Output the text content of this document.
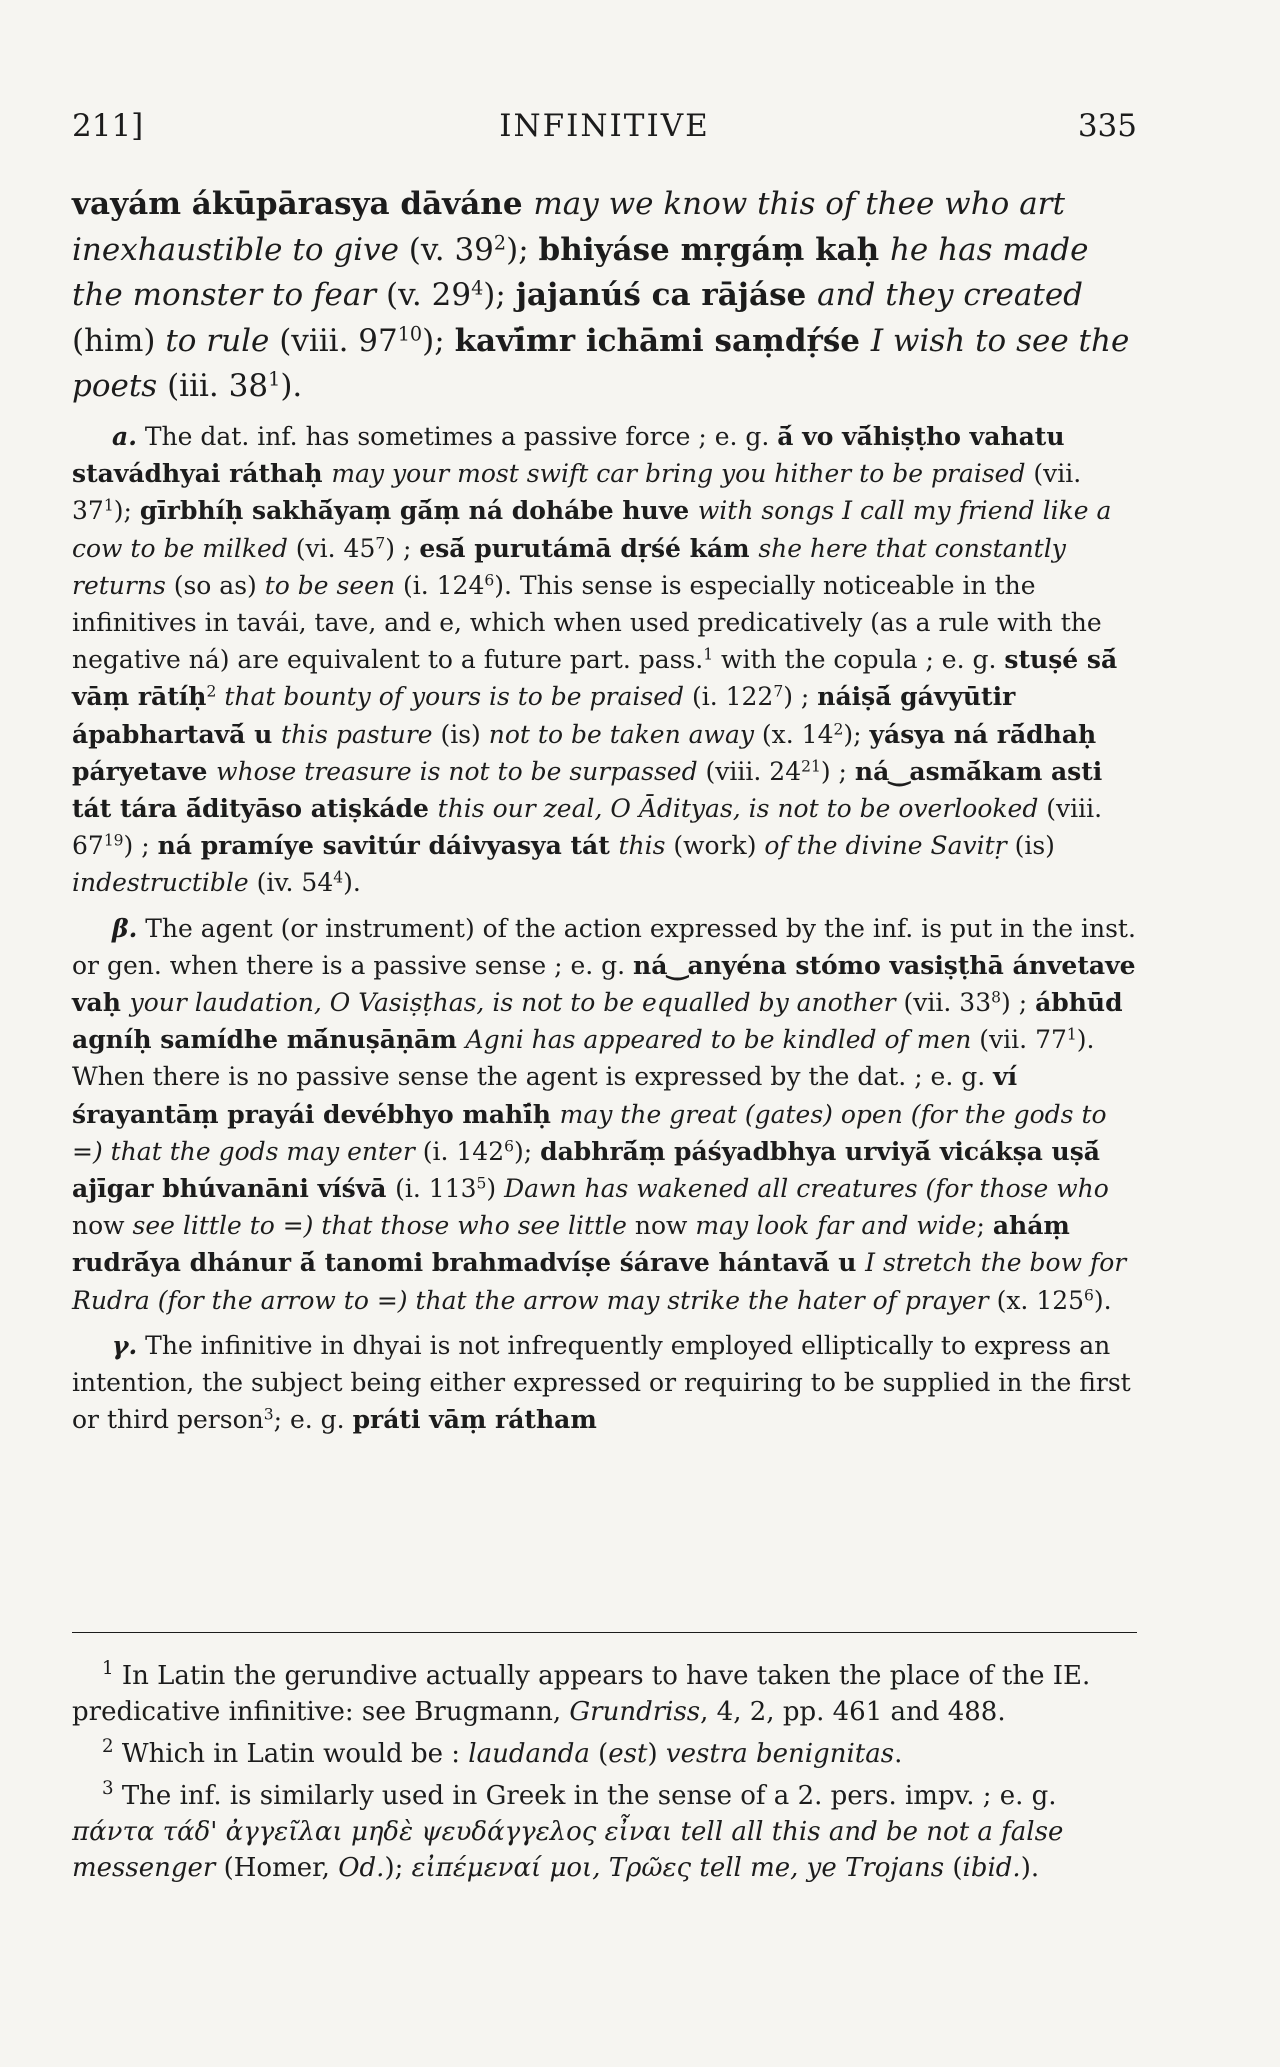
211]	INFINITIVE	335

vayám ákūpārasya dāváne may we know this of thee who art inexhaustible to give (v. $39^2$); bhiyáse mṛgáṃ kaḥ he has made the monster to fear (v. $29^4$); jajanúś ca rājáse and they created (him) to rule (viii. $97^{10}$); kavī́mr ichāmi saṃdṛ́śe I wish to see the poets (iii. $38^1$).

a. The dat. inf. has sometimes a passive force ; e. g. ā́ vo vā́hiṣṭho vahatu stavádhyai ráthaḥ may your most swift car bring you hither to be praised (vii. $37^1$); gīrbhíḥ sakhā́yaṃ gā́ṃ ná dohábe huve with songs I call my friend like a cow to be milked (vi. $45^7$) ; esā́ purutámā dṛśé kám she here that constantly returns (so as) to be seen (i. $124^6$). This sense is especially noticeable in the infinitives in tavái, tave, and e, which when used predicatively (as a rule with the negative ná) are equivalent to a future part. pass.$^1$ with the copula ; e. g. stuṣé sā́ vāṃ rātíḥ$^2$ that bounty of yours is to be praised (i. $122^7$) ; náiṣā́ gávyūtir ápabhartavā́ u this pasture (is) not to be taken away (x. $14^2$); yásya ná rā́dhaḥ páryetave whose treasure is not to be surpassed (viii. $24^{21}$) ; ná‿asmā́kam asti tát tára ā́dityāso atiṣkáde this our zeal, O Ādityas, is not to be overlooked (viii. $67^{19}$) ; ná pramíye savitúr dáivyasya tát this (work) of the divine Savitṛ (is) indestructible (iv. $54^4$).

β. The agent (or instrument) of the action expressed by the inf. is put in the inst. or gen. when there is a passive sense ; e. g. ná‿anyéna stómo vasiṣṭhā ánvetave vaḥ your laudation, O Vasiṣṭhas, is not to be equalled by another (vii. $33^8$) ; ábhūd agníḥ samídhe mā́nuṣāṇām Agni has appeared to be kindled of men (vii. $77^1$). When there is no passive sense the agent is expressed by the dat. ; e. g. ví śrayantāṃ prayái devébhyo mahī́ḥ may the great (gates) open (for the gods to =) that the gods may enter (i. $142^6$); dabhrā́ṃ páśyadbhya urviyā́ vicákṣa uṣā́ ajīgar bhúvanāni víśvā (i. $113^5$) Dawn has wakened all creatures (for those who now see little to =) that those who see little now may look far and wide; aháṃ rudrā́ya dhánur ā́ tanomi brahmadvíṣe śárave hántavā́ u I stretch the bow for Rudra (for the arrow to =) that the arrow may strike the hater of prayer (x. $125^6$).

γ. The infinitive in dhyai is not infrequently employed elliptically to express an intention, the subject being either expressed or requiring to be supplied in the first or third person$^3$; e. g. práti vāṃ rátham

$^1$ In Latin the gerundive actually appears to have taken the place of the IE. predicative infinitive: see Brugmann, Grundriss, 4, 2, pp. 461 and 488.

$^2$ Which in Latin would be : laudanda (est) vestra benignitas.

$^3$ The inf. is similarly used in Greek in the sense of a 2. pers. impv. ; e. g. πάντα τάδ' ἀγγεῖλαι μηδὲ ψευδάγγελος εἶναι tell all this and be not a false messenger (Homer, Od.); εἰπέμεναί μοι, Τρῶες tell me, ye Trojans (ibid.).
